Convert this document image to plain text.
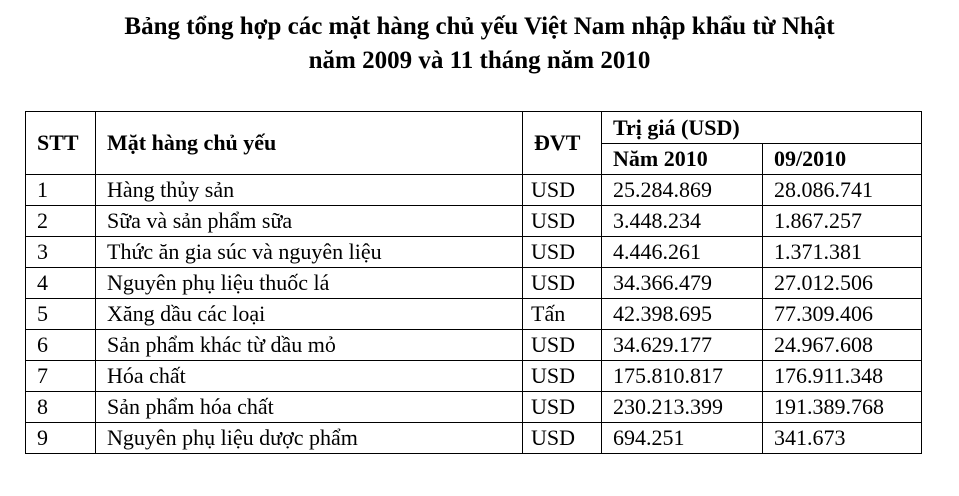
Bảng tổng hợp các mặt hàng chủ yếu Việt Nam nhập khẩu từ Nhật
năm 2009 và 11 tháng năm 2010
STT	Mặt hàng chủ yếu	ĐVT	Trị giá (USD)	
			Năm 2010	09/2010
1	Hàng thủy sản	USD	25.284.869	28.086.741
2	Sữa và sản phẩm sữa	USD	3.448.234	1.867.257
3	Thức ăn gia súc và nguyên liệu	USD	4.446.261	1.371.381
4	Nguyên phụ liệu thuốc lá	USD	34.366.479	27.012.506
5	Xăng dầu các loại	Tấn	42.398.695	77.309.406
6	Sản phẩm khác từ dầu mỏ	USD	34.629.177	24.967.608
7	Hóa chất	USD	175.810.817	176.911.348
8	Sản phẩm hóa chất	USD	230.213.399	191.389.768
9	Nguyên phụ liệu dược phẩm	USD	694.251	341.673
